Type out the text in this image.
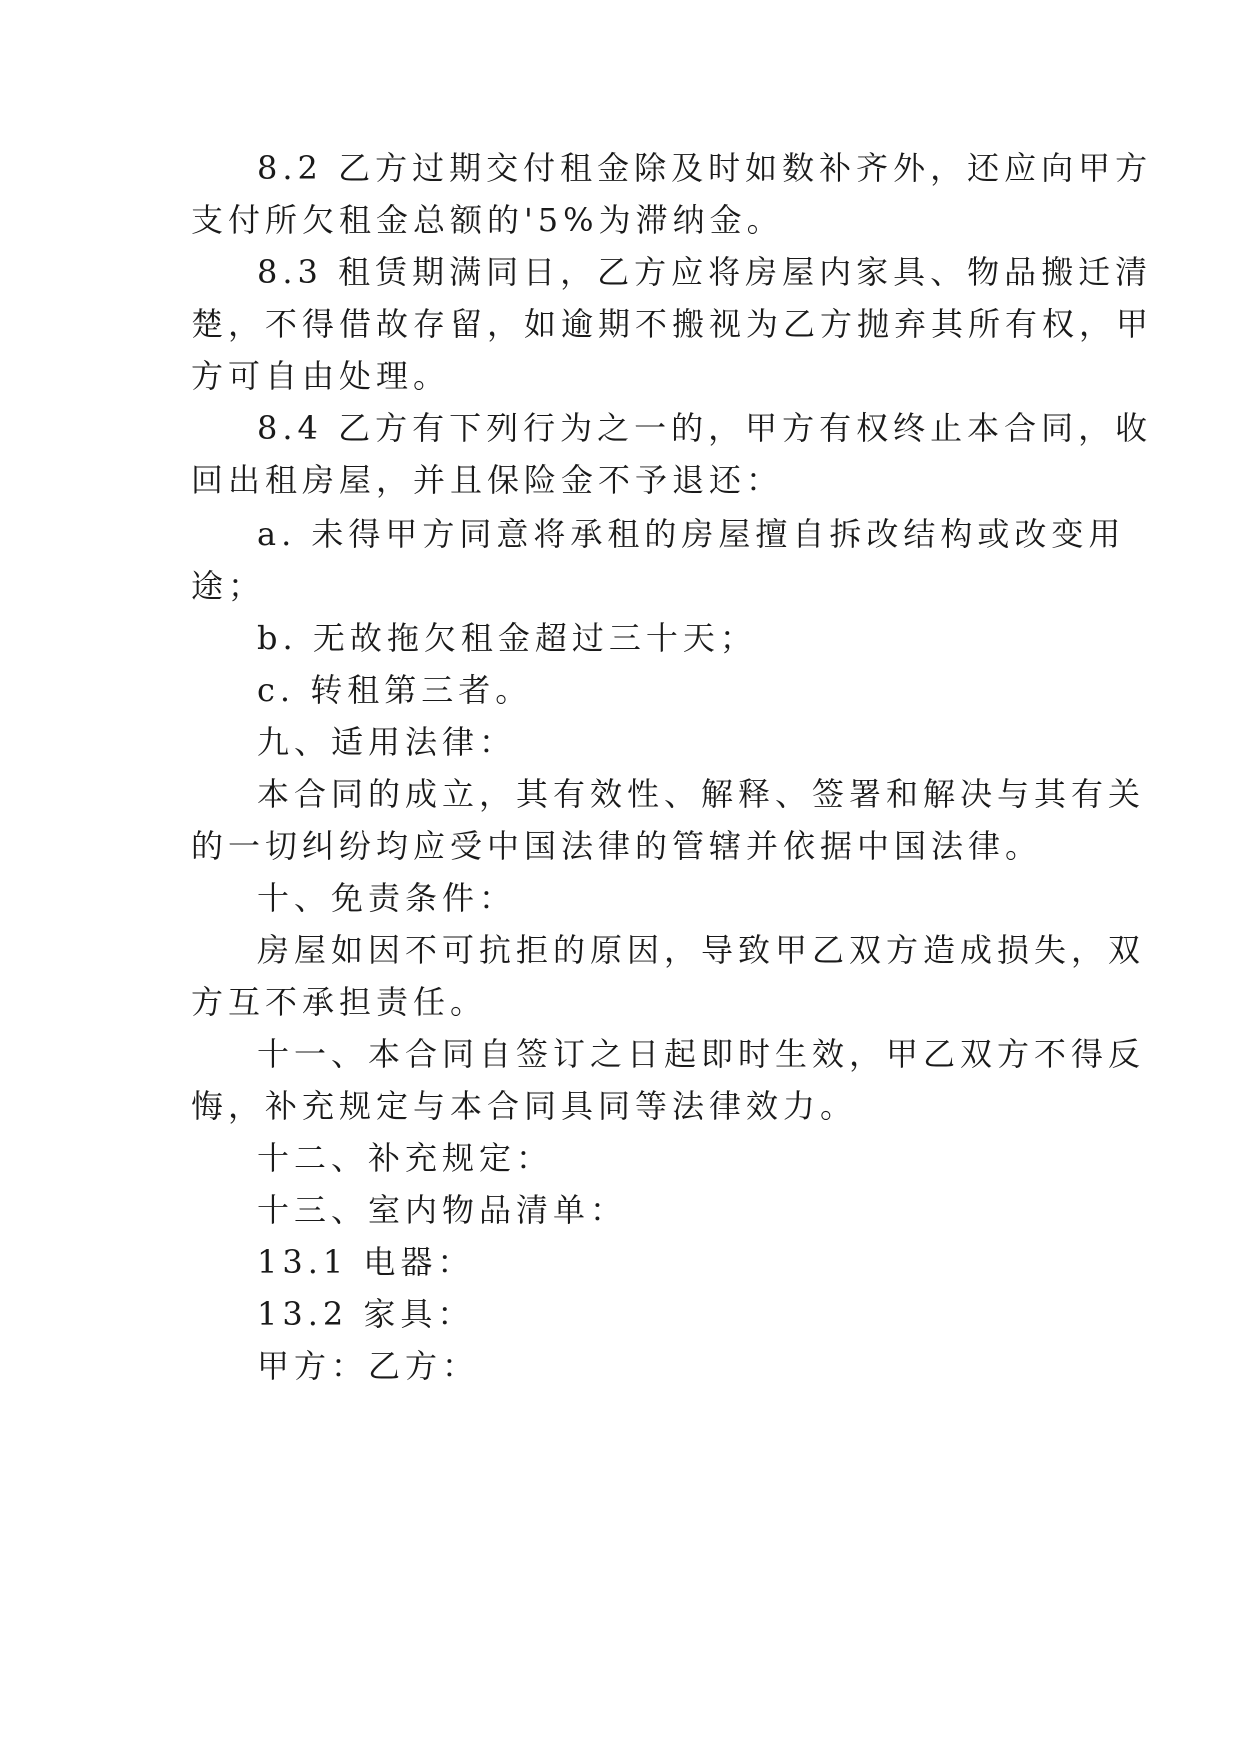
8.2 乙方过期交付租金除及时如数补齐外，还应向甲方

支付所欠租金总额的'5%为滞纳金。

8.3 租赁期满同日，乙方应将房屋内家具、物品搬迁清

楚，不得借故存留，如逾期不搬视为乙方抛弃其所有权，甲

方可自由处理。

8.4 乙方有下列行为之一的，甲方有权终止本合同，收

回出租房屋，并且保险金不予退还：

a. 未得甲方同意将承租的房屋擅自拆改结构或改变用

途；

b. 无故拖欠租金超过三十天；

c. 转租第三者。

九、适用法律：

本合同的成立，其有效性、解释、签署和解决与其有关

的一切纠纷均应受中国法律的管辖并依据中国法律。

十、免责条件：

房屋如因不可抗拒的原因，导致甲乙双方造成损失，双

方互不承担责任。

十一、本合同自签订之日起即时生效，甲乙双方不得反

悔，补充规定与本合同具同等法律效力。

十二、补充规定：

十三、室内物品清单：

13.1 电器：

13.2 家具：

甲方：乙方：
